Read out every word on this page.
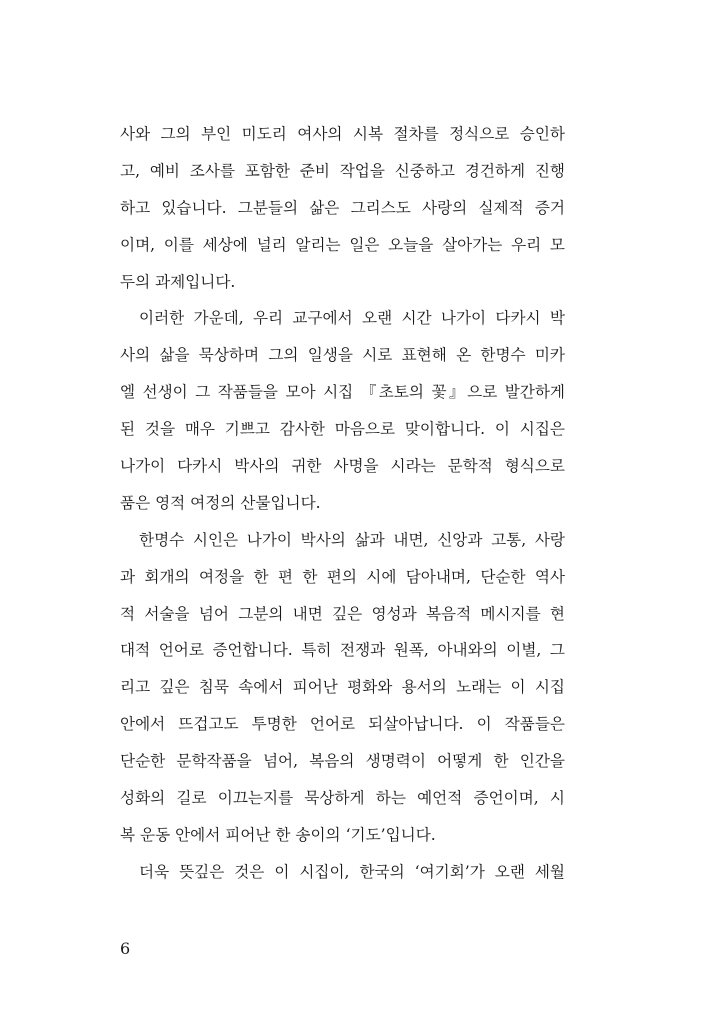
사와 그의 부인 미도리 여사의 시복 절차를 정식으로 승인하
고, 예비 조사를 포함한 준비 작업을 신중하고 경건하게 진행
하고 있습니다. 그분들의 삶은 그리스도 사랑의 실제적 증거
이며, 이를 세상에 널리 알리는 일은 오늘을 살아가는 우리 모
두의 과제입니다.
이러한 가운데, 우리 교구에서 오랜 시간 나가이 다카시 박
사의 삶을 묵상하며 그의 일생을 시로 표현해 온 한명수 미카
엘 선생이 그 작품들을 모아 시집 『초토의 꽃』으로 발간하게
된 것을 매우 기쁘고 감사한 마음으로 맞이합니다. 이 시집은
나가이 다카시 박사의 귀한 사명을 시라는 문학적 형식으로
품은 영적 여정의 산물입니다.
한명수 시인은 나가이 박사의 삶과 내면, 신앙과 고통, 사랑
과 회개의 여정을 한 편 한 편의 시에 담아내며, 단순한 역사
적 서술을 넘어 그분의 내면 깊은 영성과 복음적 메시지를 현
대적 언어로 증언합니다. 특히 전쟁과 원폭, 아내와의 이별, 그
리고 깊은 침묵 속에서 피어난 평화와 용서의 노래는 이 시집
안에서 뜨겁고도 투명한 언어로 되살아납니다. 이 작품들은
단순한 문학작품을 넘어, 복음의 생명력이 어떻게 한 인간을
성화의 길로 이끄는지를 묵상하게 하는 예언적 증언이며, 시
복 운동 안에서 피어난 한 송이의 ‘기도’입니다.
더욱 뜻깊은 것은 이 시집이, 한국의 ‘여기회’가 오랜 세월
6
